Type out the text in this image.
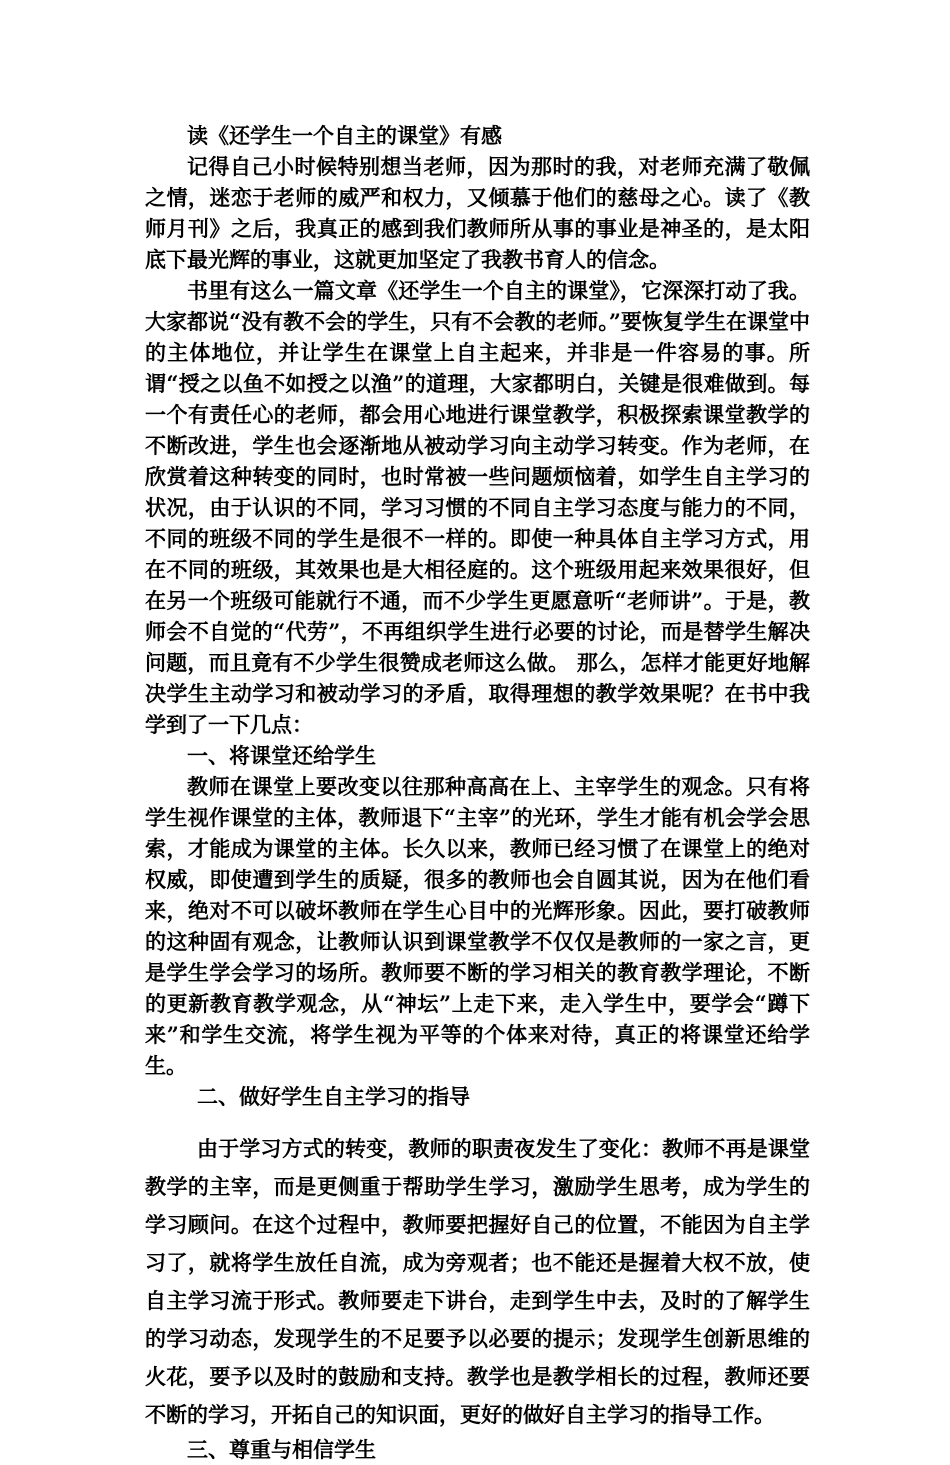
读《还学生一个自主的课堂》有感

记得自己小时候特别想当老师，因为那时的我，对老师充满了敬佩之情，迷恋于老师的威严和权力，又倾慕于他们的慈母之心。读了《教师月刊》之后，我真正的感到我们教师所从事的事业是神圣的，是太阳底下最光辉的事业，这就更加坚定了我教书育人的信念。

书里有这么一篇文章《还学生一个自主的课堂》，它深深打动了我。大家都说“没有教不会的学生，只有不会教的老师。”要恢复学生在课堂中的主体地位，并让学生在课堂上自主起来，并非是一件容易的事。所谓“授之以鱼不如授之以渔”的道理，大家都明白，关键是很难做到。每一个有责任心的老师，都会用心地进行课堂教学，积极探索课堂教学的不断改进，学生也会逐渐地从被动学习向主动学习转变。作为老师，在欣赏着这种转变的同时，也时常被一些问题烦恼着，如学生自主学习的状况，由于认识的不同，学习习惯的不同自主学习态度与能力的不同，不同的班级不同的学生是很不一样的。即使一种具体自主学习方式，用在不同的班级，其效果也是大相径庭的。这个班级用起来效果很好，但在另一个班级可能就行不通，而不少学生更愿意听“老师讲”。于是，教师会不自觉的“代劳”，不再组织学生进行必要的讨论，而是替学生解决问题，而且竟有不少学生很赞成老师这么做。 那么，怎样才能更好地解决学生主动学习和被动学习的矛盾，取得理想的教学效果呢？在书中我学到了一下几点：

一、将课堂还给学生

教师在课堂上要改变以往那种高高在上、主宰学生的观念。只有将学生视作课堂的主体，教师退下“主宰”的光环，学生才能有机会学会思索，才能成为课堂的主体。长久以来，教师已经习惯了在课堂上的绝对权威，即使遭到学生的质疑，很多的教师也会自圆其说，因为在他们看来，绝对不可以破坏教师在学生心目中的光辉形象。因此，要打破教师的这种固有观念，让教师认识到课堂教学不仅仅是教师的一家之言，更是学生学会学习的场所。教师要不断的学习相关的教育教学理论，不断的更新教育教学观念，从“神坛”上走下来，走入学生中，要学会“蹲下来”和学生交流，将学生视为平等的个体来对待，真正的将课堂还给学生。

二、做好学生自主学习的指导

由于学习方式的转变，教师的职责夜发生了变化：教师不再是课堂教学的主宰，而是更侧重于帮助学生学习，激励学生思考，成为学生的学习顾问。在这个过程中，教师要把握好自己的位置，不能因为自主学习了，就将学生放任自流，成为旁观者；也不能还是握着大权不放，使自主学习流于形式。教师要走下讲台，走到学生中去，及时的了解学生的学习动态，发现学生的不足要予以必要的提示；发现学生创新思维的火花，要予以及时的鼓励和支持。教学也是教学相长的过程，教师还要不断的学习，开拓自己的知识面，更好的做好自主学习的指导工作。

三、尊重与相信学生
